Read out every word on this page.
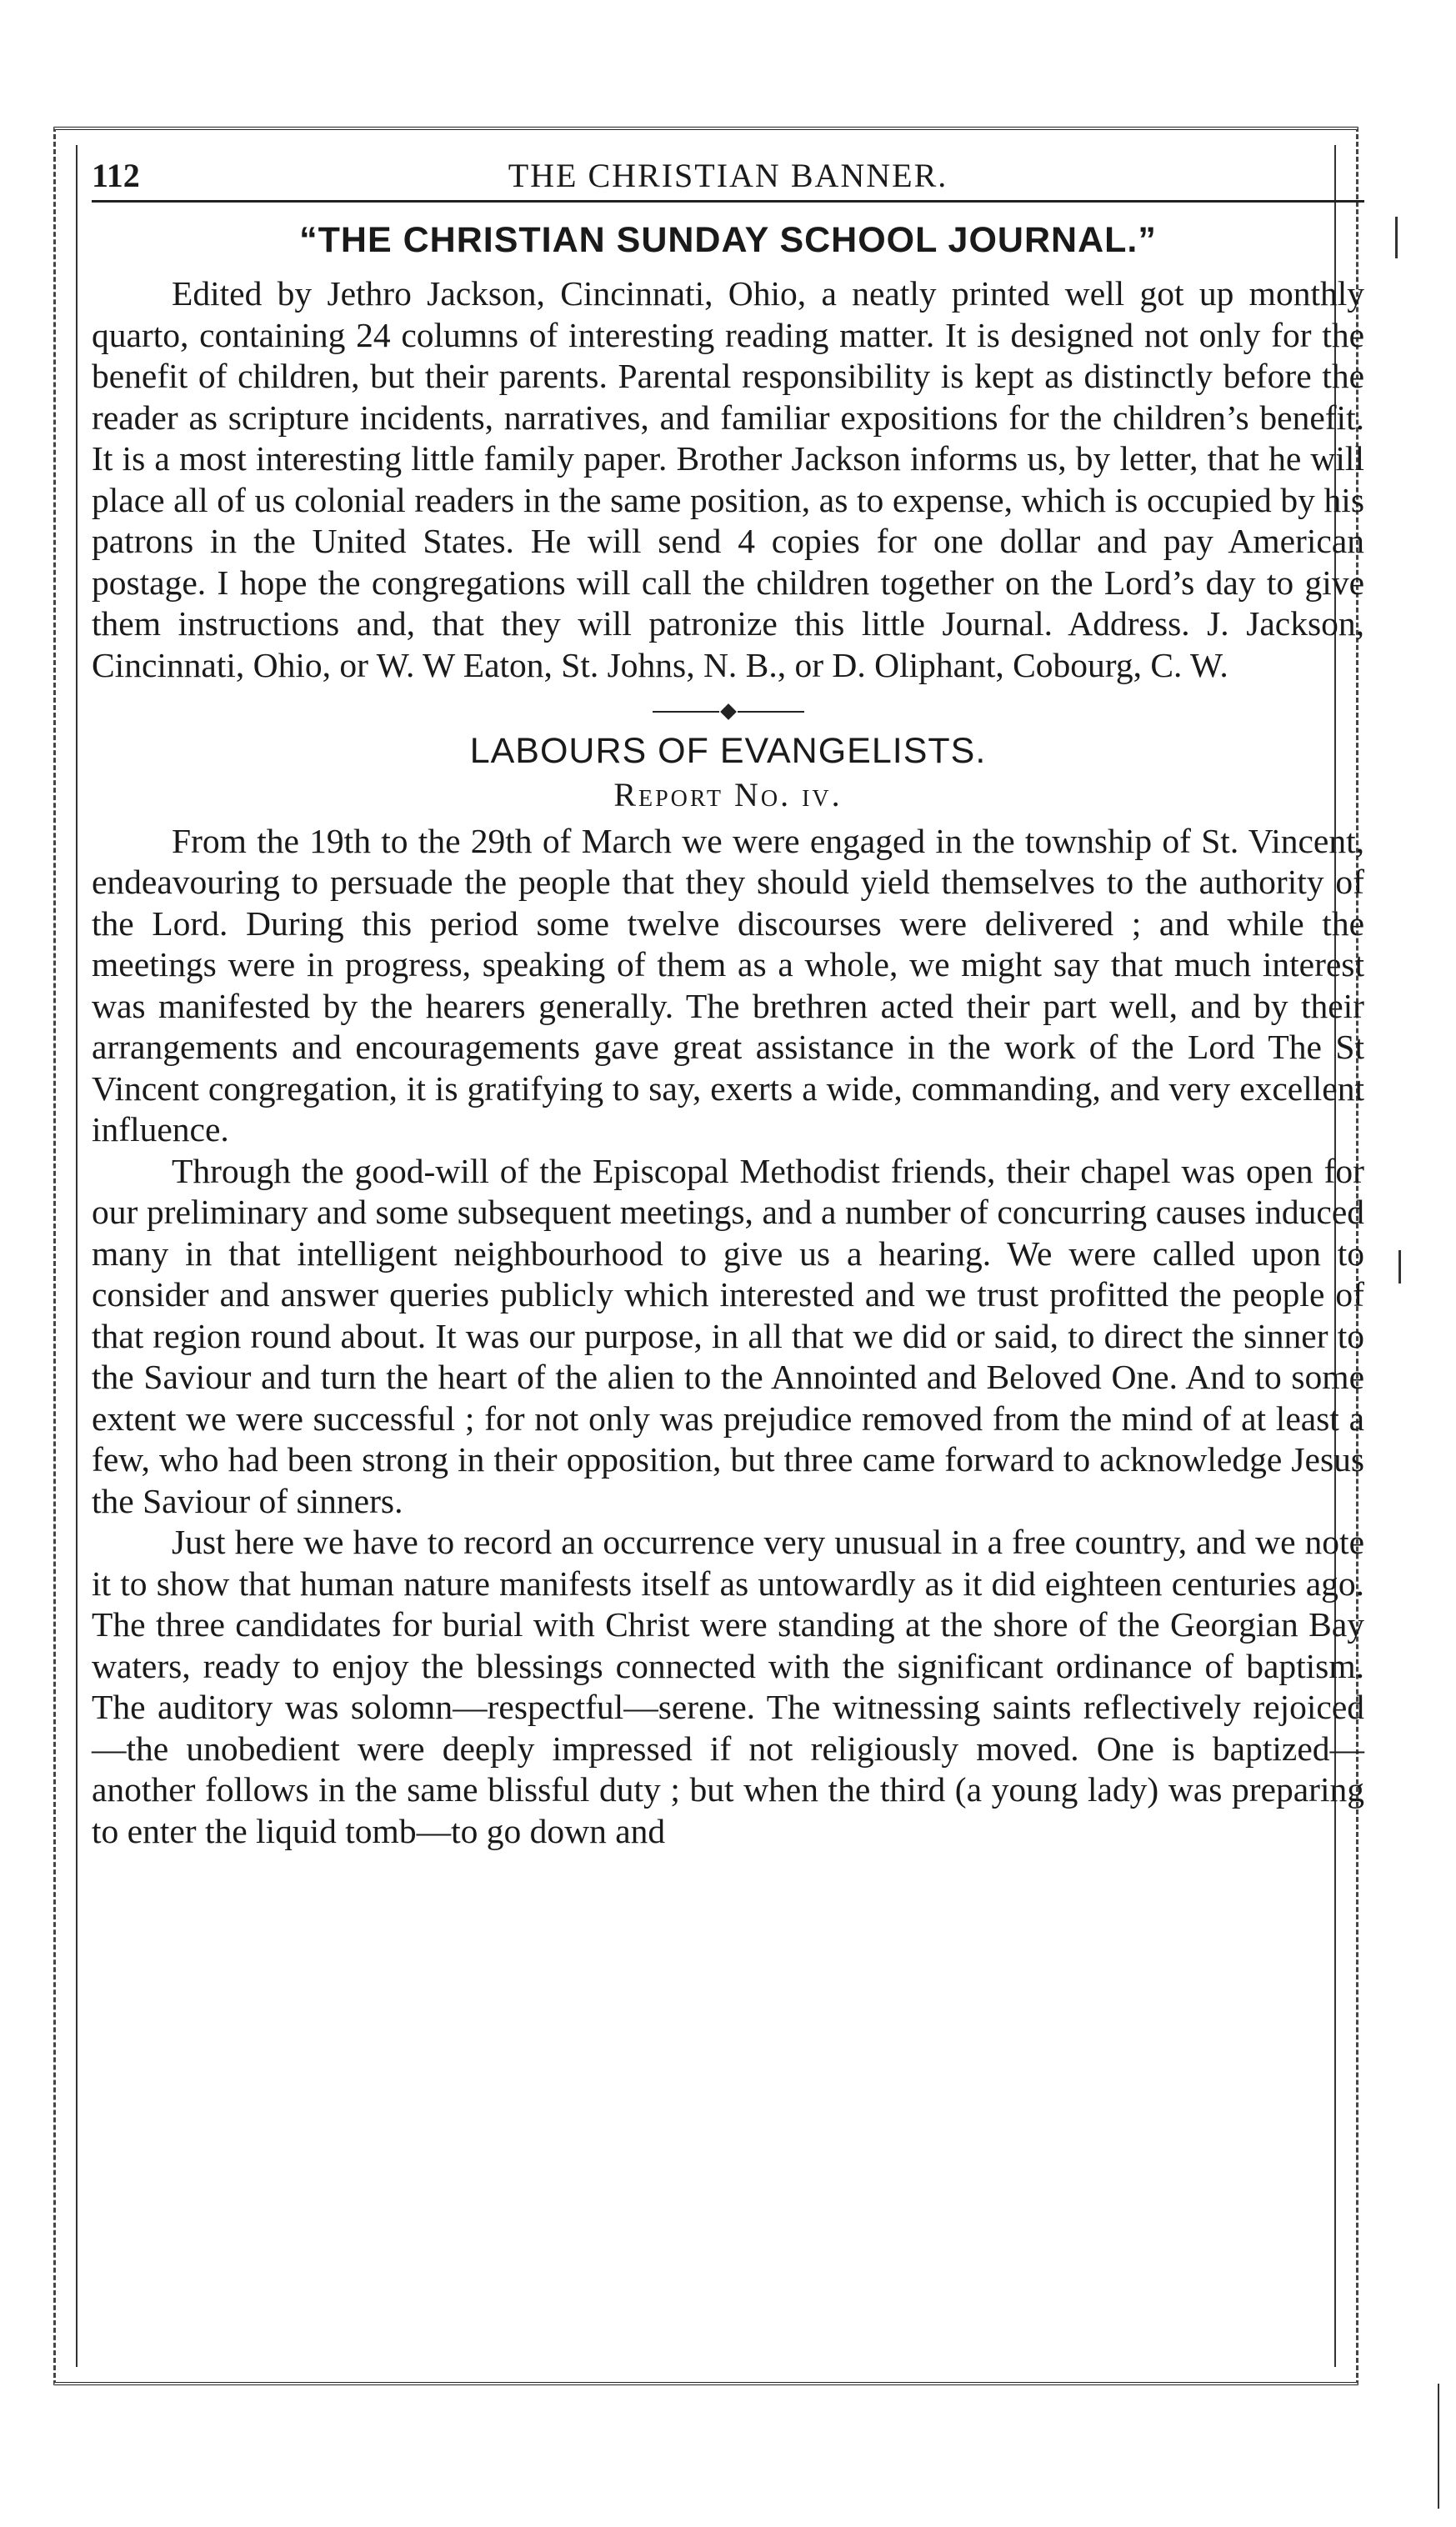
112	THE CHRISTIAN BANNER.
“THE CHRISTIAN SUNDAY SCHOOL JOURNAL.”

Edited by Jethro Jackson, Cincinnati, Ohio, a neatly printed well got up monthly quarto, containing 24 columns of interesting reading matter. It is designed not only for the benefit of children, but their parents. Parental responsibility is kept as distinctly before the reader as scripture incidents, narratives, and familiar expositions for the children’s benefit. It is a most interesting little family paper. Brother Jackson informs us, by letter, that he will place all of us colonial readers in the same position, as to expense, which is occupied by his patrons in the United States. He will send 4 copies for one dollar and pay American postage. I hope the congregations will call the children together on the Lord’s day to give them instructions and, that they will patronize this little Journal. Address. J. Jackson, Cincinnati, Ohio, or W. W Eaton, St. Johns, N. B., or D. Oliphant, Cobourg, C. W.

LABOURS OF EVANGELISTS.
Report No. iv.

From the 19th to the 29th of March we were engaged in the township of St. Vincent, endeavouring to persuade the people that they should yield themselves to the authority of the Lord. During this period some twelve discourses were delivered ; and while the meetings were in progress, speaking of them as a whole, we might say that much interest was manifested by the hearers generally. The brethren acted their part well, and by their arrangements and encouragements gave great assistance in the work of the Lord The St Vincent congregation, it is gratifying to say, exerts a wide, commanding, and very excellent influence.

Through the good-will of the Episcopal Methodist friends, their chapel was open for our preliminary and some subsequent meetings, and a number of concurring causes induced many in that intelligent neighbourhood to give us a hearing. We were called upon to consider and answer queries publicly which interested and we trust profitted the people of that region round about. It was our purpose, in all that we did or said, to direct the sinner to the Saviour and turn the heart of the alien to the Annointed and Beloved One. And to some extent we were successful ; for not only was prejudice removed from the mind of at least a few, who had been strong in their opposition, but three came forward to acknowledge Jesus the Saviour of sinners.

Just here we have to record an occurrence very unusual in a free country, and we note it to show that human nature manifests itself as untowardly as it did eighteen centuries ago. The three candidates for burial with Christ were standing at the shore of the Georgian Bay waters, ready to enjoy the blessings connected with the significant ordinance of baptism. The auditory was solomn—respectful—serene. The witnessing saints reflectively rejoiced —the unobedient were deeply impressed if not religiously moved. One is baptized—another follows in the same blissful duty ; but when the third (a young lady) was preparing to enter the liquid tomb—to go down and
